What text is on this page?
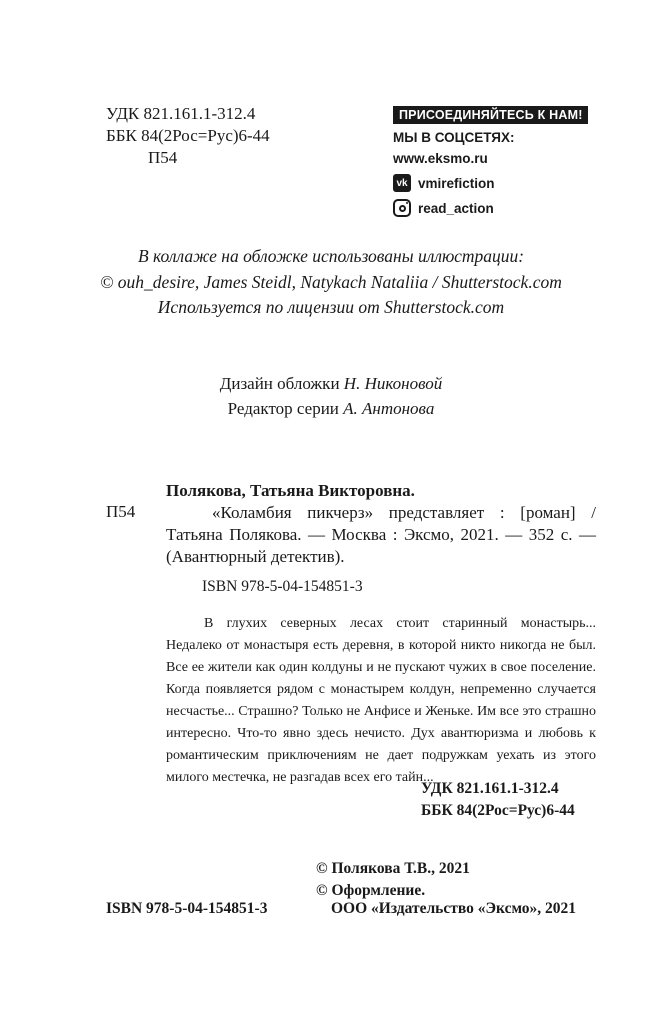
УДК 821.161.1-312.4
ББК 84(2Рос=Рус)6-44
П54
ПРИСОЕДИНЯЙТЕСЬ К НАМ!
МЫ В СОЦСЕТЯХ:
www.eksmo.ru
vk vmirefiction
read_action
В коллаже на обложке использованы иллюстрации:
© ouh_desire, James Steidl, Natykach Nataliia / Shutterstock.com
Используется по лицензии от Shutterstock.com
Дизайн обложки Н. Никоновой
Редактор серии А. Антонова
Полякова, Татьяна Викторовна.
П54	«Коламбия пикчерз» представляет : [роман] / Татьяна Полякова. — Москва : Эксмо, 2021. — 352 с. — (Авантюрный детектив).
ISBN 978-5-04-154851-3

В глухих северных лесах стоит старинный монастырь... Недалеко от монастыря есть деревня, в которой никто никогда не был. Все ее жители как один колдуны и не пускают чужих в свое поселение. Когда появляется рядом с монастырем колдун, непременно случается несчастье... Страшно? Только не Анфисе и Женьке. Им все это страшно интересно. Что-то явно здесь нечисто. Дух авантюризма и любовь к романтическим приключениям не дает подружкам уехать из этого милого местечка, не разгадав всех его тайн...

УДК 821.161.1-312.4
ББК 84(2Рос=Рус)6-44
© Полякова Т.В., 2021
© Оформление.
ISBN 978-5-04-154851-3	ООО «Издательство «Эксмо», 2021
